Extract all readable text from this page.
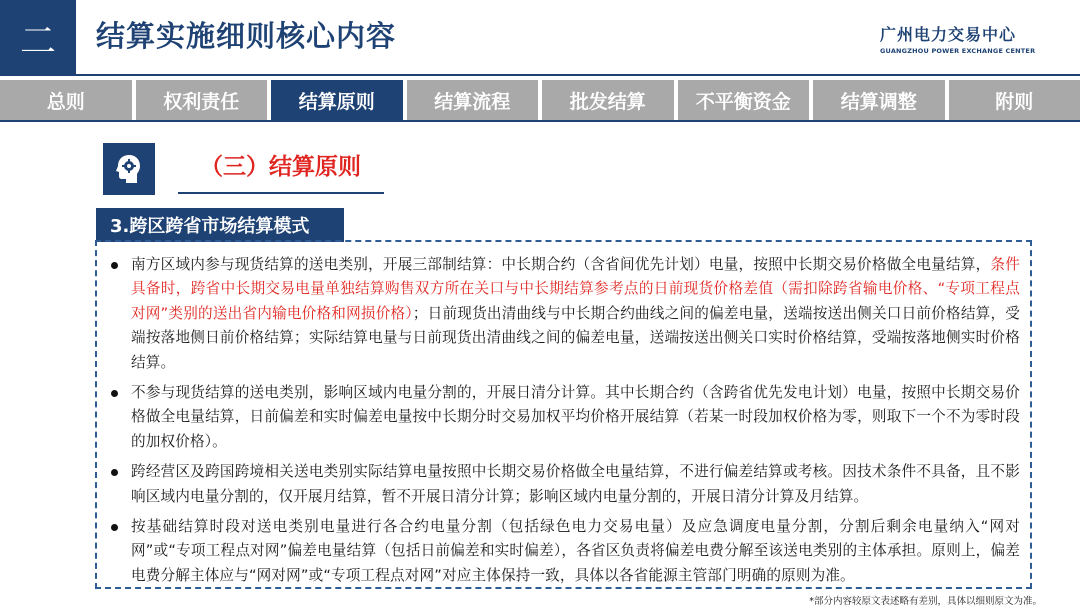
二 结算实施细则核心内容	广州电力交易中心
GUANGZHOU POWER EXCHANGE CENTER
总则	权利责任	结算原则	结算流程	批发结算	不平衡资金	结算调整	附则
（三）结算原则
3.跨区跨省市场结算模式
南方区域内参与现货结算的送电类别，开展三部制结算：中长期合约（含省间优先计划）电量，按照中长期交易价格做全电量结算，条件具备时，跨省中长期交易电量单独结算购售双方所在关口与中长期结算参考点的日前现货价格差值（需扣除跨省输电价格、“专项工程点对网”类别的送出省内输电价格和网损价格）；日前现货出清曲线与中长期合约曲线之间的偏差电量，送端按送出侧关口日前价格结算，受端按落地侧日前价格结算；实际结算电量与日前现货出清曲线之间的偏差电量，送端按送出侧关口实时价格结算，受端按落地侧实时价格结算。
不参与现货结算的送电类别，影响区域内电量分割的，开展日清分计算。其中长期合约（含跨省优先发电计划）电量，按照中长期交易价格做全电量结算，日前偏差和实时偏差电量按中长期分时交易加权平均价格开展结算（若某一时段加权价格为零，则取下一个不为零时段的加权价格）。
跨经营区及跨国跨境相关送电类别实际结算电量按照中长期交易价格做全电量结算，不进行偏差结算或考核。因技术条件不具备，且不影响区域内电量分割的，仅开展月结算，暂不开展日清分计算；影响区域内电量分割的，开展日清分计算及月结算。
按基础结算时段对送电类别电量进行各合约电量分割（包括绿色电力交易电量）及应急调度电量分割，分割后剩余电量纳入“网对网”或“专项工程点对网”偏差电量结算（包括日前偏差和实时偏差），各省区负责将偏差电费分解至该送电类别的主体承担。原则上，偏差电费分解主体应与“网对网”或“专项工程点对网”对应主体保持一致，具体以各省能源主管部门明确的原则为准。
*部分内容较原文表述略有差别，具体以细则原文为准。
